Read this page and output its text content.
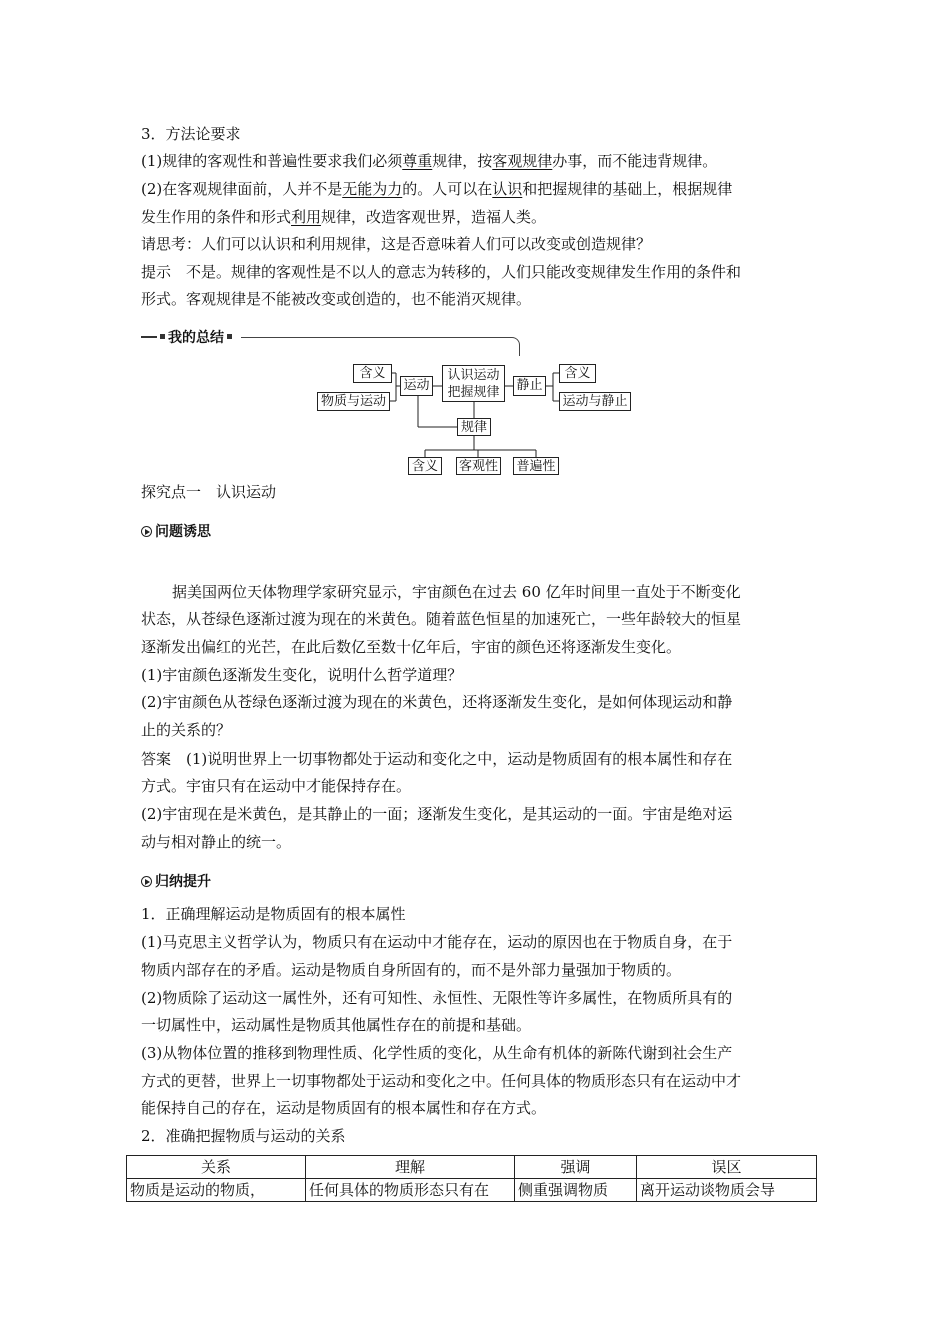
3．方法论要求
(1)规律的客观性和普遍性要求我们必须尊重规律，按客观规律办事，而不能违背规律。
(2)在客观规律面前，人并不是无能为力的。人可以在认识和把握规律的基础上，根据规律
发生作用的条件和形式利用规律，改造客观世界，造福人类。
请思考：人们可以认识和利用规律，这是否意味着人们可以改变或创造规律？
提示　不是。规律的客观性是不以人的意志为转移的，人们只能改变规律发生作用的条件和
形式。客观规律是不能被改变或创造的，也不能消灭规律。
我的总结
含义
物质与运动
运动
认识运动
把握规律	静止
含义
运动与静止
规律
含义	客观性 普遍性
探究点一　认识运动
问题诱思
据美国两位天体物理学家研究显示，宇宙颜色在过去 60 亿年时间里一直处于不断变化
状态，从苍绿色逐渐过渡为现在的米黄色。随着蓝色恒星的加速死亡，一些年龄较大的恒星
逐渐发出偏红的光芒，在此后数亿至数十亿年后，宇宙的颜色还将逐渐发生变化。
(1)宇宙颜色逐渐发生变化，说明什么哲学道理？
(2)宇宙颜色从苍绿色逐渐过渡为现在的米黄色，还将逐渐发生变化，是如何体现运动和静
止的关系的？
答案　(1)说明世界上一切事物都处于运动和变化之中，运动是物质固有的根本属性和存在
方式。宇宙只有在运动中才能保持存在。
(2)宇宙现在是米黄色，是其静止的一面；逐渐发生变化，是其运动的一面。宇宙是绝对运
动与相对静止的统一。
归纳提升
1．正确理解运动是物质固有的根本属性
(1)马克思主义哲学认为，物质只有在运动中才能存在，运动的原因也在于物质自身，在于
物质内部存在的矛盾。运动是物质自身所固有的，而不是外部力量强加于物质的。
(2)物质除了运动这一属性外，还有可知性、永恒性、无限性等许多属性，在物质所具有的
一切属性中，运动属性是物质其他属性存在的前提和基础。
(3)从物体位置的推移到物理性质、化学性质的变化，从生命有机体的新陈代谢到社会生产
方式的更替，世界上一切事物都处于运动和变化之中。任何具体的物质形态只有在运动中才
能保持自己的存在，运动是物质固有的根本属性和存在方式。
2．准确把握物质与运动的关系
关系	理解	强调	误区
物质是运动的物质，	任何具体的物质形态只有在	侧重强调物质	离开运动谈物质会导
